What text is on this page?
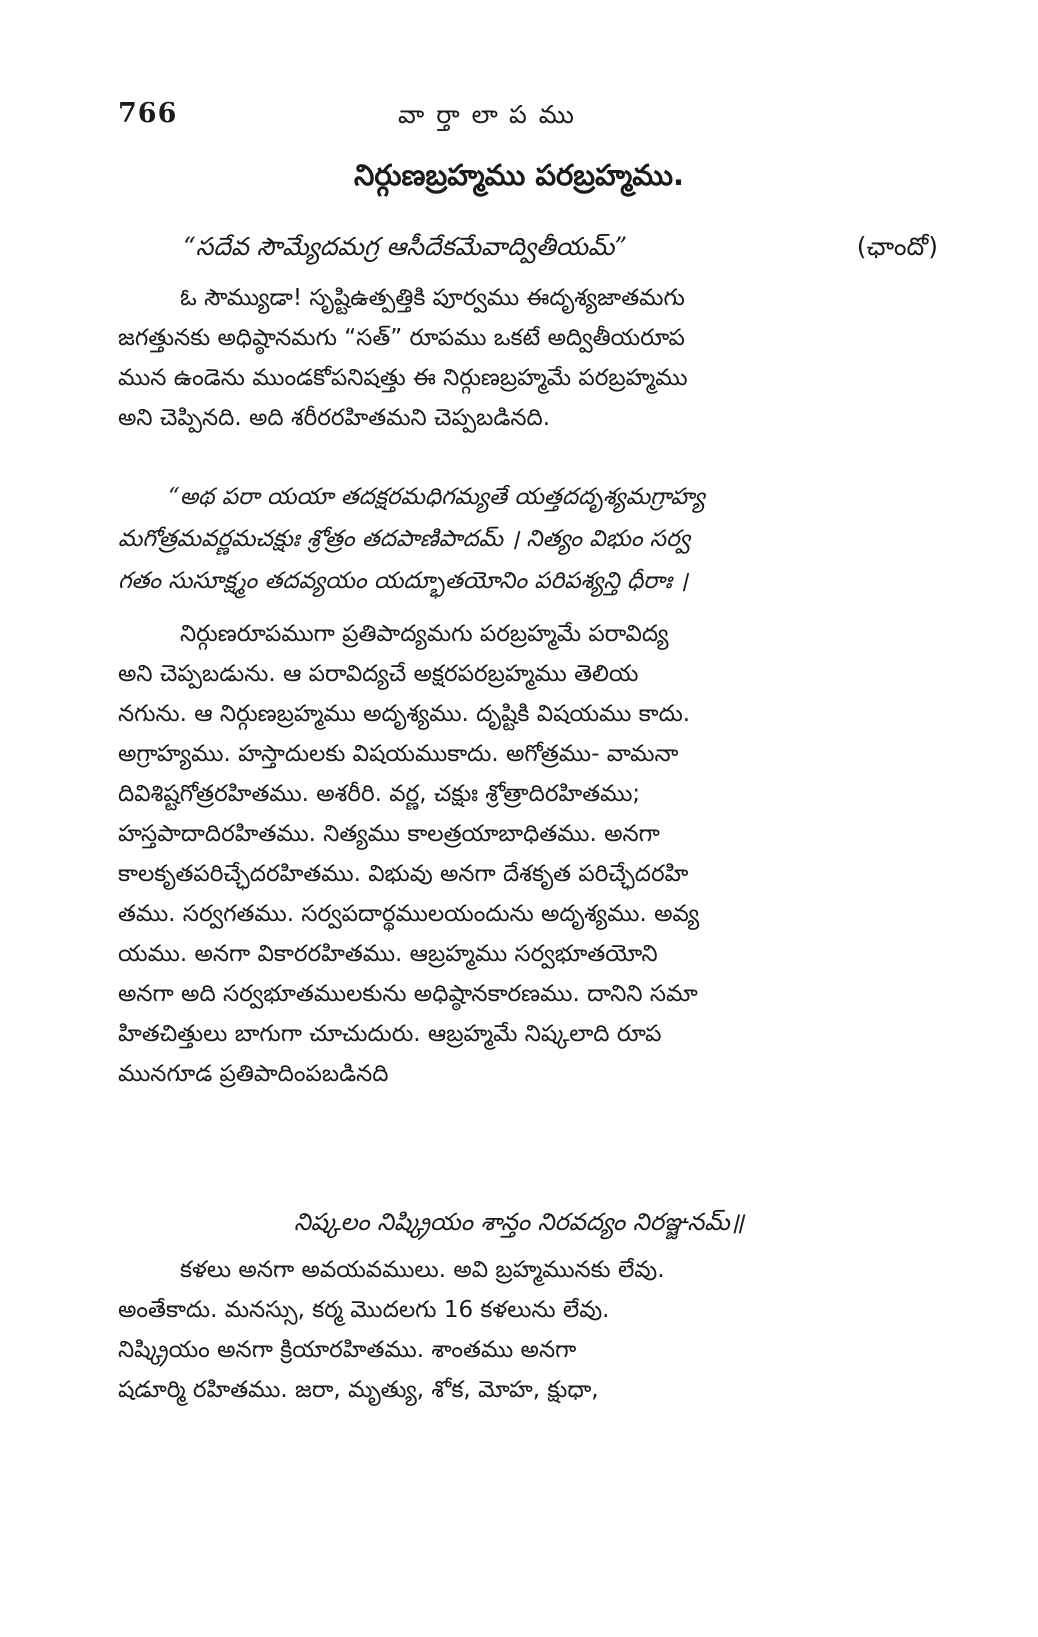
766	వార్తాలాపము
నిర్గుణబ్రహ్మము పరబ్రహ్మము.
“సదేవ సౌమ్యేదమగ్ర ఆసీదేకమేవాద్వితీయమ్”	(ఛాందో)
ఓ సౌమ్యుడా! సృష్టిఉత్పత్తికి పూర్వము ఈదృశ్యజాతమగు
జగత్తునకు అధిష్ఠానమగు “సత్” రూపము ఒకటే అద్వితీయరూప
మున ఉండెను ముండకోపనిషత్తు ఈ నిర్గుణబ్రహ్మమే పరబ్రహ్మము
అని చెప్పినది. అది శరీరరహితమని చెప్పబడినది.
“అథ పరా యయా తదక్షరమధిగమ్యతే యత్తదదృశ్యమగ్రాహ్య
మగోత్రమవర్ణమచక్షుః శ్రోత్రం తదపాణిపాదమ్ । నిత్యం విభుం సర్వ
గతం సుసూక్ష్మం తదవ్యయం యద్భూతయోనిం పరిపశ్యన్తి ధీరాః ।
నిర్గుణరూపముగా ప్రతిపాద్యమగు పరబ్రహ్మమే పరావిద్య
అని చెప్పబడును. ఆ పరావిద్యచే అక్షరపరబ్రహ్మము తెలియ
నగును. ఆ నిర్గుణబ్రహ్మము అదృశ్యము. దృష్టికి విషయము కాదు.
అగ్రాహ్యము. హస్తాదులకు విషయముకాదు. అగోత్రము- వామనా
దివిశిష్టగోత్రరహితము. అశరీరి. వర్ణ, చక్షుః శ్రోత్రాదిరహితము;
హస్తపాదాదిరహితము. నిత్యము కాలత్రయాబాధితము. అనగా
కాలకృతపరిచ్ఛేదరహితము. విభువు అనగా దేశకృత పరిచ్ఛేదరహి
తము. సర్వగతము. సర్వపదార్థములయందును అదృశ్యము. అవ్య
యము. అనగా వికారరహితము. ఆబ్రహ్మము సర్వభూతయోని
అనగా అది సర్వభూతములకును అధిష్ఠానకారణము. దానిని సమా
హితచిత్తులు బాగుగా చూచుదురు. ఆబ్రహ్మమే నిష్కలాది రూప
మునగూడ ప్రతిపాదింపబడినది
నిష్కలం నిష్క్రియం శాన్తం నిరవద్యం నిరఞ్జనమ్॥
కళలు అనగా అవయవములు. అవి బ్రహ్మమునకు లేవు.
అంతేకాదు. మనస్సు, కర్మ మొదలగు 16 కళలును లేవు.
నిష్క్రియం అనగా క్రియారహితము. శాంతము అనగా
షడూర్మి రహితము. జరా, మృత్యు, శోక, మోహ, క్షుధా,
